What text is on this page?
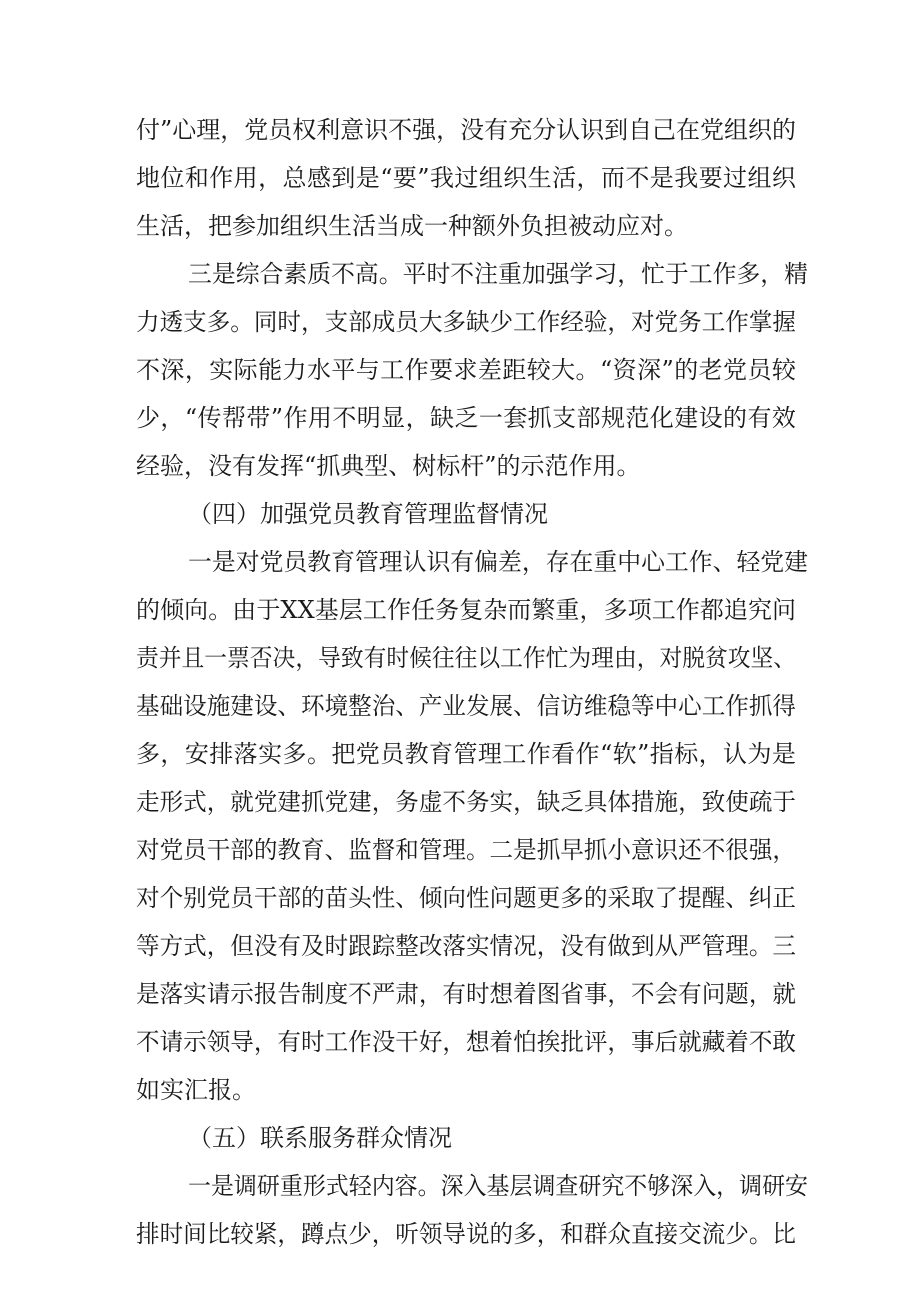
付”心理，党员权利意识不强，没有充分认识到自己在党组织的
地位和作用，总感到是“要”我过组织生活，而不是我要过组织
生活，把参加组织生活当成一种额外负担被动应对。
三是综合素质不高。平时不注重加强学习，忙于工作多，精
力透支多。同时，支部成员大多缺少工作经验，对党务工作掌握
不深，实际能力水平与工作要求差距较大。“资深”的老党员较
少，“传帮带”作用不明显，缺乏一套抓支部规范化建设的有效
经验，没有发挥“抓典型、树标杆”的示范作用。
（四）加强党员教育管理监督情况
一是对党员教育管理认识有偏差，存在重中心工作、轻党建
的倾向。由于XX基层工作任务复杂而繁重，多项工作都追究问
责并且一票否决，导致有时候往往以工作忙为理由，对脱贫攻坚、
基础设施建设、环境整治、产业发展、信访维稳等中心工作抓得
多，安排落实多。把党员教育管理工作看作“软”指标，认为是
走形式，就党建抓党建，务虚不务实，缺乏具体措施，致使疏于
对党员干部的教育、监督和管理。二是抓早抓小意识还不很强，
对个别党员干部的苗头性、倾向性问题更多的采取了提醒、纠正
等方式，但没有及时跟踪整改落实情况，没有做到从严管理。三
是落实请示报告制度不严肃，有时想着图省事，不会有问题，就
不请示领导，有时工作没干好，想着怕挨批评，事后就藏着不敢
如实汇报。
（五）联系服务群众情况
一是调研重形式轻内容。深入基层调查研究不够深入，调研安
排时间比较紧，蹲点少，听领导说的多，和群众直接交流少。比
